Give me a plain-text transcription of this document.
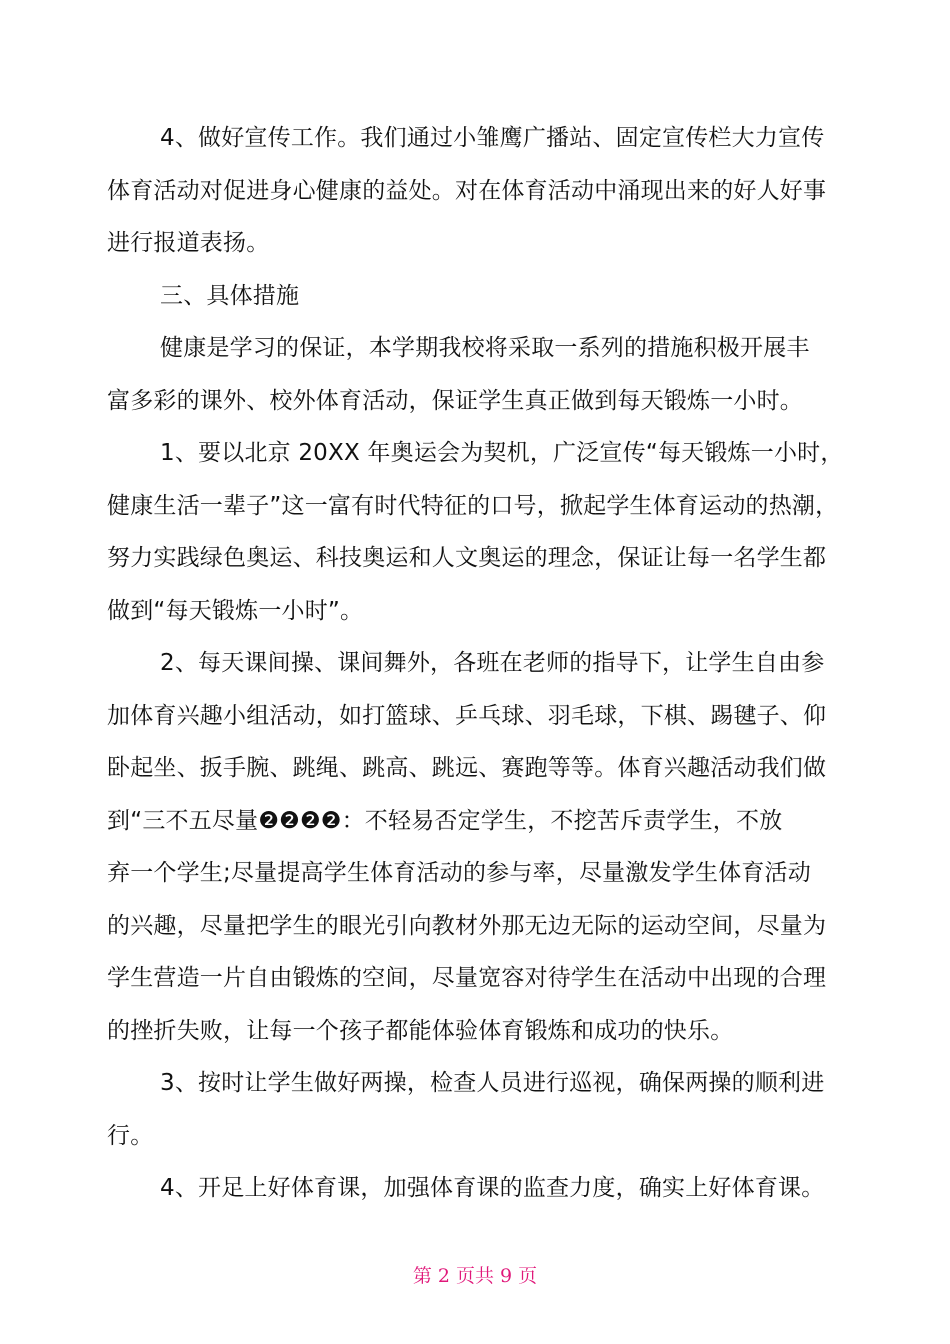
4、做好宣传工作。我们通过小雏鹰广播站、固定宣传栏大力宣传
体育活动对促进身心健康的益处。对在体育活动中涌现出来的好人好事
进行报道表扬。
三、具体措施
健康是学习的保证，本学期我校将采取一系列的措施积极开展丰
富多彩的课外、校外体育活动，保证学生真正做到每天锻炼一小时。
1、要以北京 20XX 年奥运会为契机，广泛宣传“每天锻炼一小时，
健康生活一辈子”这一富有时代特征的口号，掀起学生体育运动的热潮，
努力实践绿色奥运、科技奥运和人文奥运的理念，保证让每一名学生都
做到“每天锻炼一小时”。
2、每天课间操、课间舞外，各班在老师的指导下，让学生自由参
加体育兴趣小组活动，如打篮球、乒乓球、羽毛球，下棋、踢毽子、仰
卧起坐、扳手腕、跳绳、跳高、跳远、赛跑等等。体育兴趣活动我们做
到“三不五尽量❷❷❷❷：不轻易否定学生，不挖苦斥责学生，不放
弃一个学生;尽量提高学生体育活动的参与率，尽量激发学生体育活动
的兴趣，尽量把学生的眼光引向教材外那无边无际的运动空间，尽量为
学生营造一片自由锻炼的空间，尽量宽容对待学生在活动中出现的合理
的挫折失败，让每一个孩子都能体验体育锻炼和成功的快乐。
3、按时让学生做好两操，检查人员进行巡视，确保两操的顺利进
行。
4、开足上好体育课，加强体育课的监查力度，确实上好体育课。
第 2 页共 9 页
